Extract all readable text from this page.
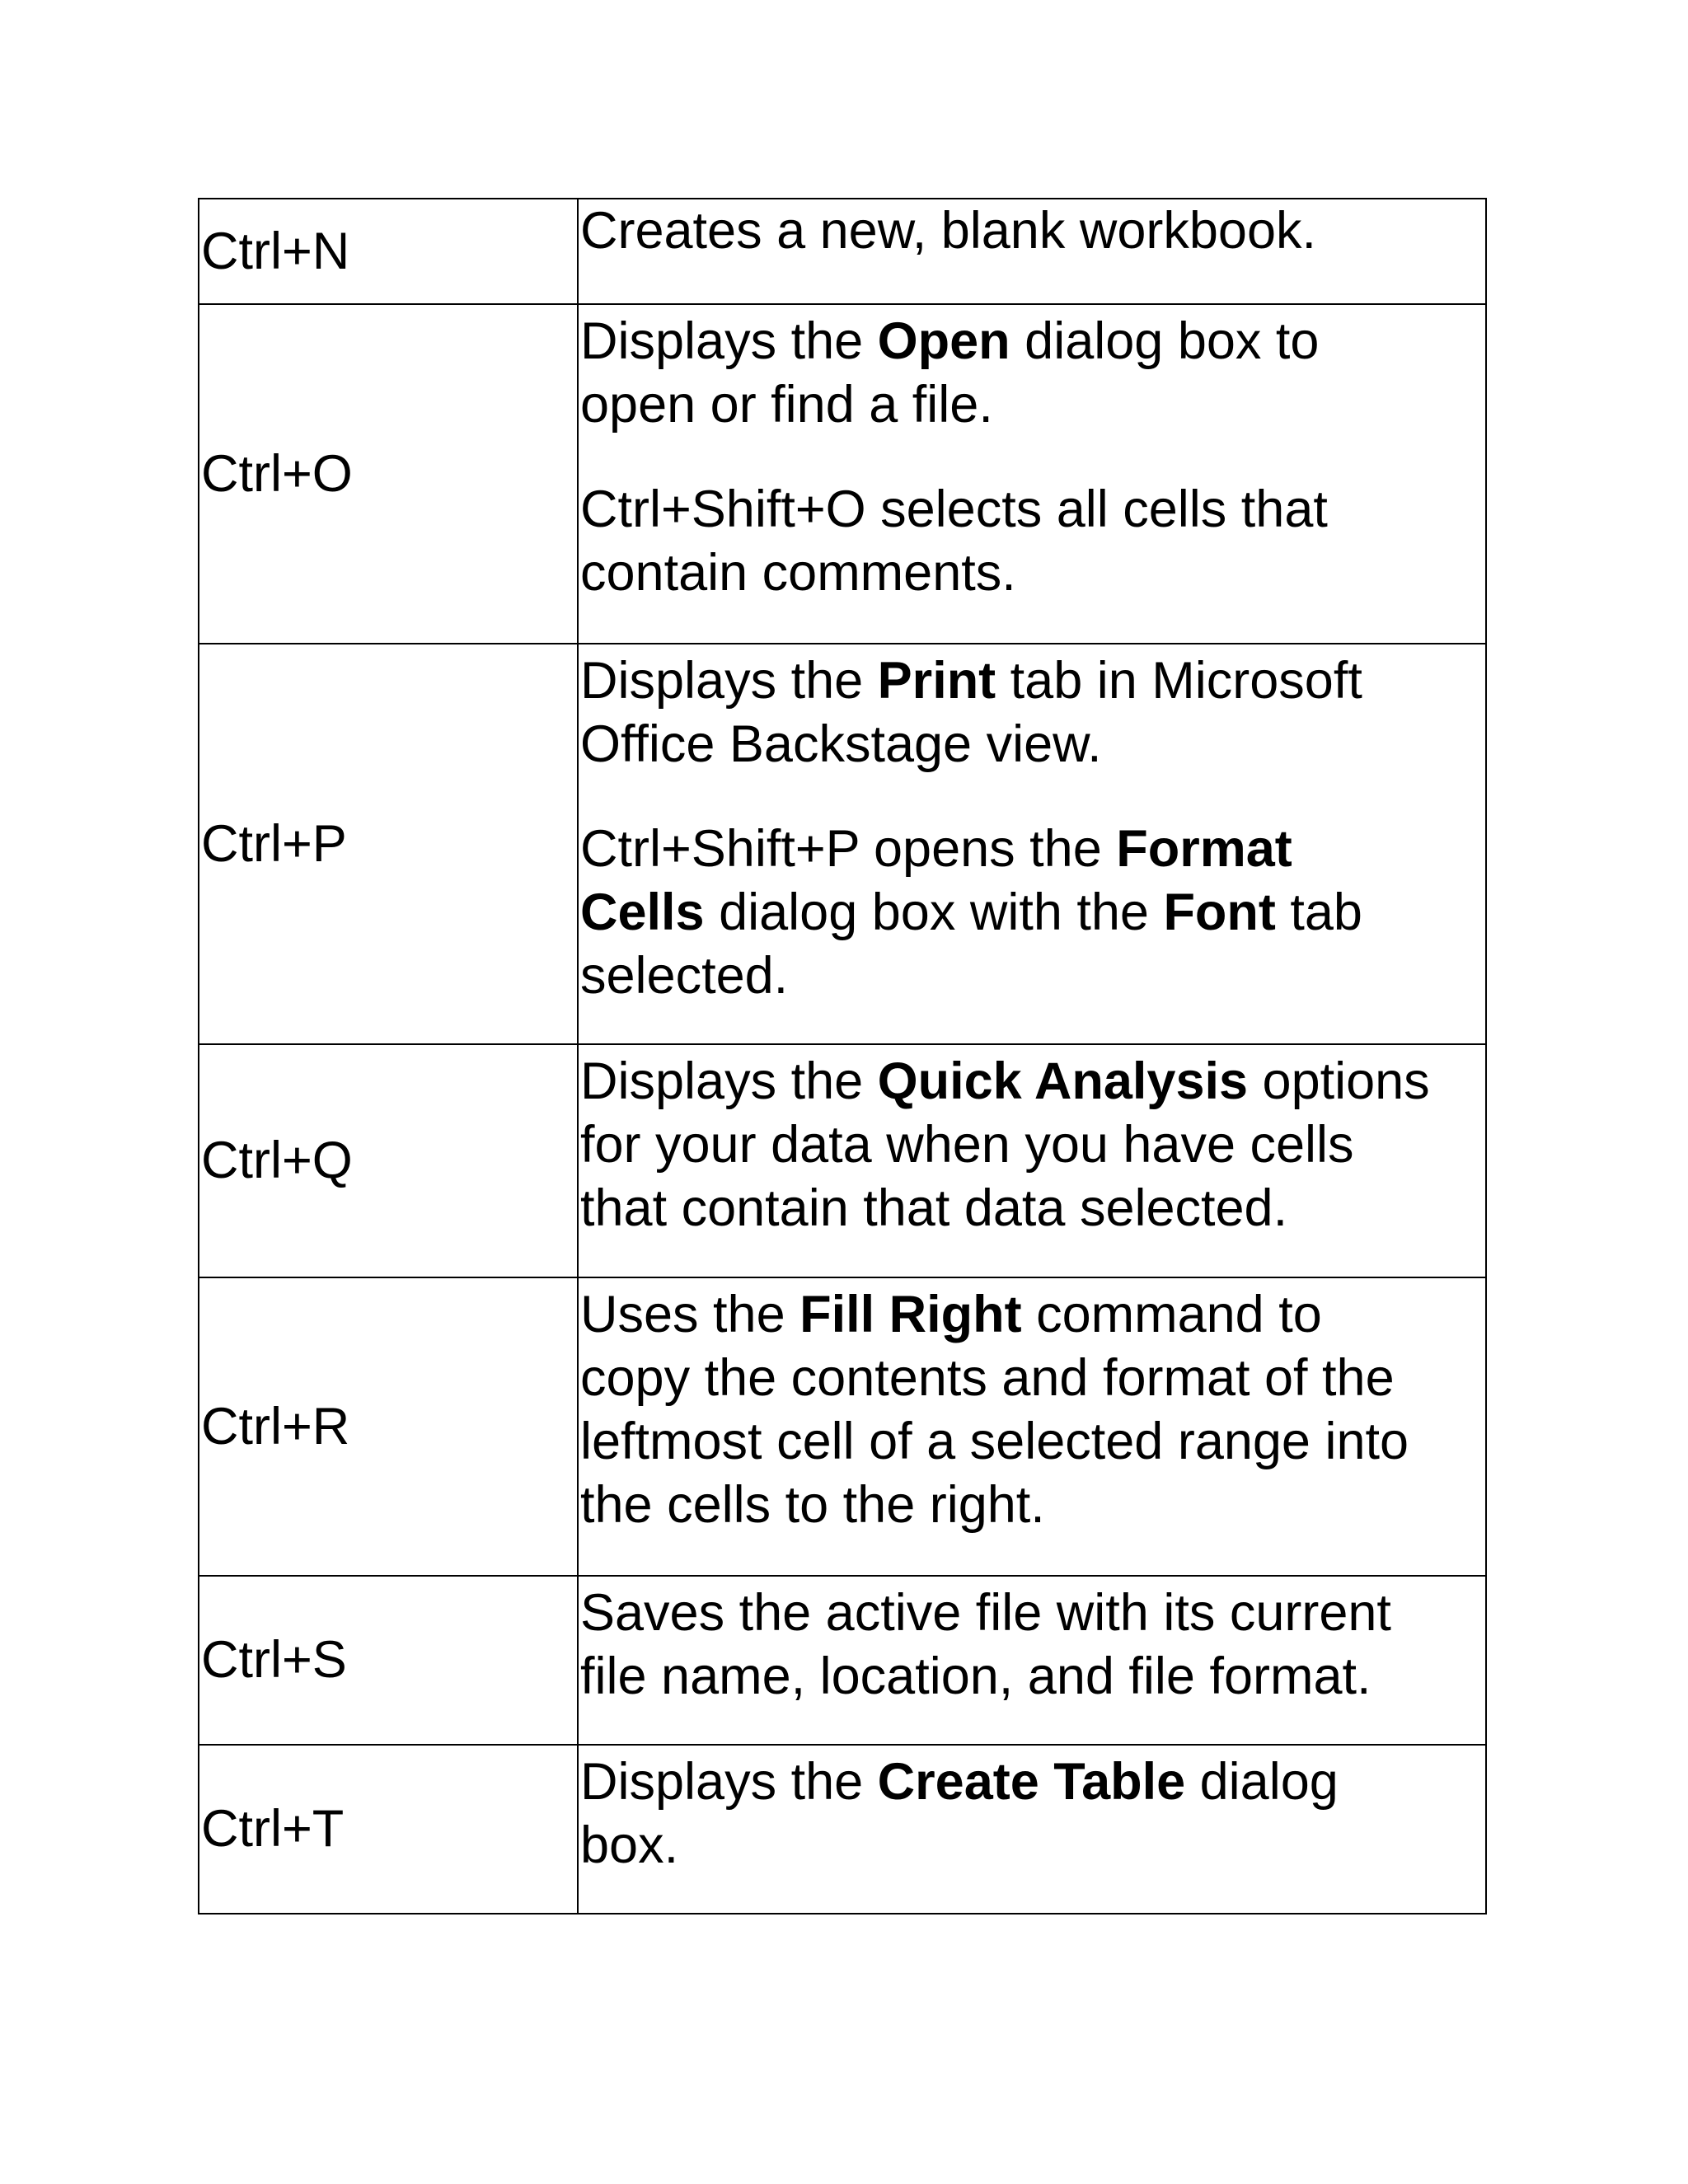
Ctrl+N	Creates a new, blank workbook.

Ctrl+O	Displays the Open dialog box to
open or find a file.
Ctrl+Shift+O selects all cells that
contain comments.

Ctrl+P	Displays the Print tab in Microsoft
Office Backstage view.
Ctrl+Shift+P opens the Format
Cells dialog box with the Font tab
selected.

Ctrl+Q	Displays the Quick Analysis options
for your data when you have cells
that contain that data selected.

Ctrl+R	Uses the Fill Right command to
copy the contents and format of the
leftmost cell of a selected range into
the cells to the right.

Ctrl+S	Saves the active file with its current
file name, location, and file format.

Ctrl+T	Displays the Create Table dialog
box.
